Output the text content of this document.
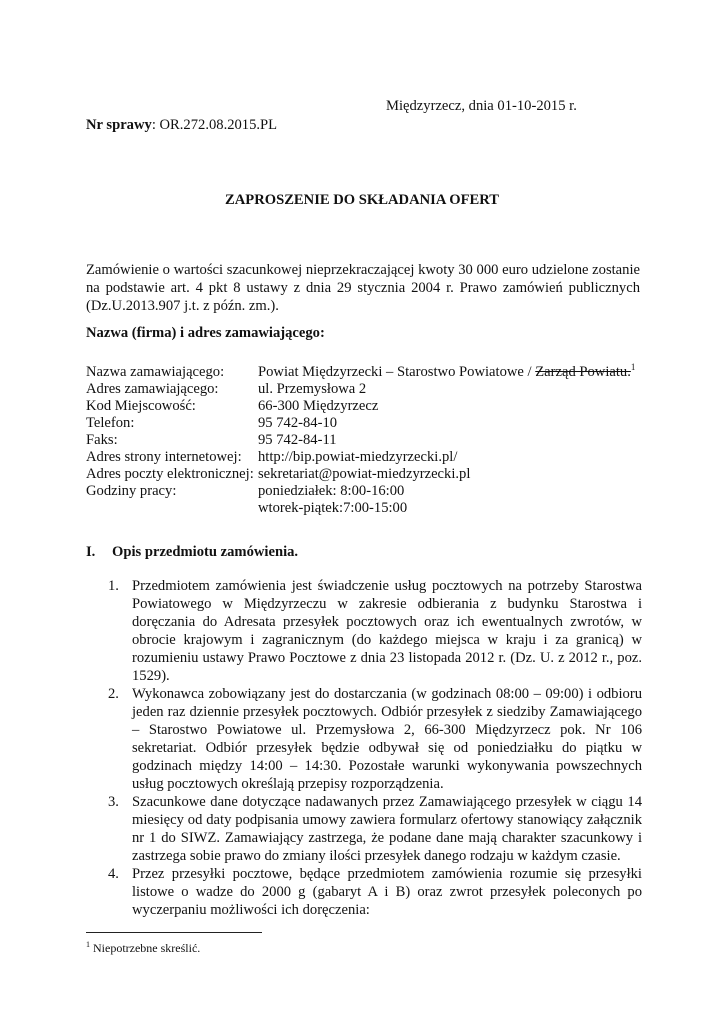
Międzyrzecz, dnia 01-10-2015 r.
Nr sprawy: OR.272.08.2015.PL
ZAPROSZENIE DO SKŁADANIA OFERT
Zamówienie o wartości szacunkowej nieprzekraczającej kwoty 30 000 euro udzielone zostanie na podstawie art. 4 pkt 8 ustawy z dnia 29 stycznia 2004 r. Prawo zamówień publicznych (Dz.U.2013.907 j.t. z późn. zm.).
Nazwa (firma) i adres zamawiającego:
Nazwa zamawiającego: Powiat Międzyrzecki – Starostwo Powiatowe / Zarząd Powiatu.$^1$
Adres zamawiającego:	ul. Przemysłowa 2
Kod Miejscowość:	66-300 Międzyrzecz
Telefon:	95 742-84-10
Faks:	95 742-84-11
Adres strony internetowej: http://bip.powiat-miedzyrzecki.pl/
Adres poczty elektronicznej: sekretariat@powiat-miedzyrzecki.pl
Godziny pracy:	poniedziałek: 8:00-16:00
wtorek-piątek:7:00-15:00
I. Opis przedmiotu zamówienia.
1. Przedmiotem zamówienia jest świadczenie usług pocztowych na potrzeby Starostwa Powiatowego w Międzyrzeczu w zakresie odbierania z budynku Starostwa i doręczania do Adresata przesyłek pocztowych oraz ich ewentualnych zwrotów, w obrocie krajowym i zagranicznym (do każdego miejsca w kraju i za granicą) w rozumieniu ustawy Prawo Pocztowe z dnia 23 listopada 2012 r. (Dz. U. z 2012 r., poz. 1529).
2. Wykonawca zobowiązany jest do dostarczania (w godzinach 08:00 – 09:00) i odbioru jeden raz dziennie przesyłek pocztowych. Odbiór przesyłek z siedziby Zamawiającego – Starostwo Powiatowe ul. Przemysłowa 2, 66-300 Międzyrzecz pok. Nr 106 sekretariat. Odbiór przesyłek będzie odbywał się od poniedziałku do piątku w godzinach między 14:00 – 14:30. Pozostałe warunki wykonywania powszechnych usług pocztowych określają przepisy rozporządzenia.
3. Szacunkowe dane dotyczące nadawanych przez Zamawiającego przesyłek w ciągu 14 miesięcy od daty podpisania umowy zawiera formularz ofertowy stanowiący załącznik nr 1 do SIWZ. Zamawiający zastrzega, że podane dane mają charakter szacunkowy i zastrzega sobie prawo do zmiany ilości przesyłek danego rodzaju w każdym czasie.
4. Przez przesyłki pocztowe, będące przedmiotem zamówienia rozumie się przesyłki listowe o wadze do 2000 g (gabaryt A i B) oraz zwrot przesyłek poleconych po wyczerpaniu możliwości ich doręczenia:
$^1$ Niepotrzebne skreślić.
